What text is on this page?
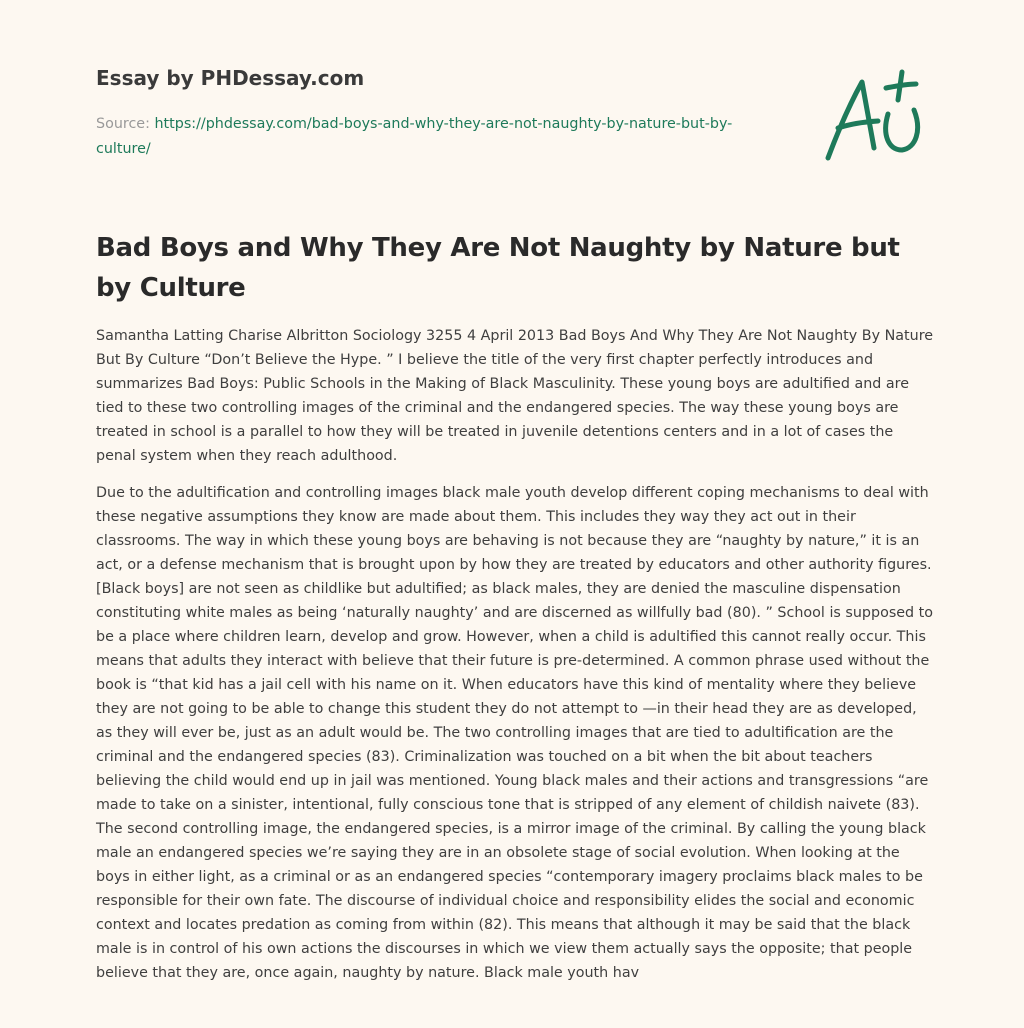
Essay by PHDessay.com
Source: https://phdessay.com/bad-boys-and-why-they-are-not-naughty-by-nature-but-by-culture/
Bad Boys and Why They Are Not Naughty by Nature but by Culture

Samantha Latting Charise Albritton Sociology 3255 4 April 2013 Bad Boys And Why They Are Not Naughty By Nature But By Culture “Don’t Believe the Hype. ” I believe the title of the very first chapter perfectly introduces and summarizes Bad Boys: Public Schools in the Making of Black Masculinity. These young boys are adultified and are tied to these two controlling images of the criminal and the endangered species. The way these young boys are treated in school is a parallel to how they will be treated in juvenile detentions centers and in a lot of cases the penal system when they reach adulthood.

Due to the adultification and controlling images black male youth develop different coping mechanisms to deal with these negative assumptions they know are made about them. This includes they way they act out in their classrooms. The way in which these young boys are behaving is not because they are “naughty by nature,” it is an act, or a defense mechanism that is brought upon by how they are treated by educators and other authority figures. [Black boys] are not seen as childlike but adultified; as black males, they are denied the masculine dispensation constituting white males as being ‘naturally naughty’ and are discerned as willfully bad (80). ” School is supposed to be a place where children learn, develop and grow. However, when a child is adultified this cannot really occur. This means that adults they interact with believe that their future is pre-determined. A common phrase used without the book is “that kid has a jail cell with his name on it. When educators have this kind of mentality where they believe they are not going to be able to change this student they do not attempt to —in their head they are as developed, as they will ever be, just as an adult would be. The two controlling images that are tied to adultification are the criminal and the endangered species (83). Criminalization was touched on a bit when the bit about teachers believing the child would end up in jail was mentioned. Young black males and their actions and transgressions “are made to take on a sinister, intentional, fully conscious tone that is stripped of any element of childish naivete (83). The second controlling image, the endangered species, is a mirror image of the criminal. By calling the young black male an endangered species we’re saying they are in an obsolete stage of social evolution. When looking at the boys in either light, as a criminal or as an endangered species “contemporary imagery proclaims black males to be responsible for their own fate. The discourse of individual choice and responsibility elides the social and economic context and locates predation as coming from within (82). This means that although it may be said that the black male is in control of his own actions the discourses in which we view them actually says the opposite; that people believe that they are, once again, naughty by nature. Black male youth hav
